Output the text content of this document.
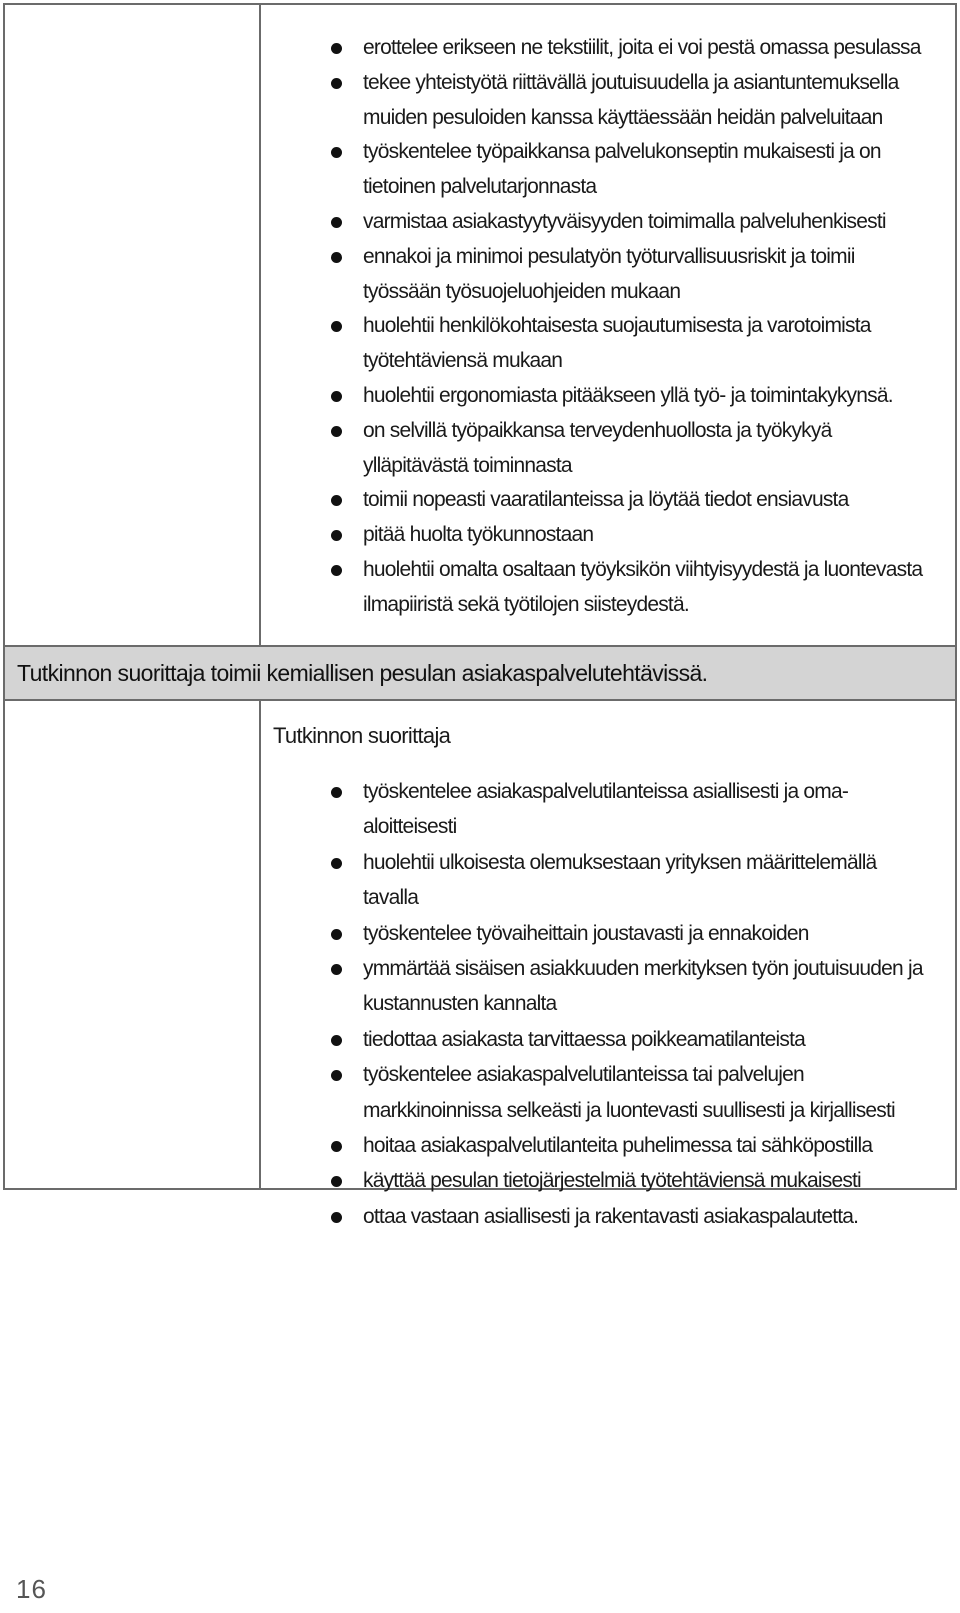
erottelee erikseen ne tekstiilit, joita ei voi pestä omassa pesulassa
tekee yhteistyötä riittävällä joutuisuudella ja asiantuntemuksella muiden pesuloiden kanssa käyttäessään heidän palveluitaan
työskentelee työpaikkansa palvelukonseptin mukaisesti ja on tietoinen palvelutarjonnasta
varmistaa asiakastyytyväisyyden toimimalla palveluhenkisesti
ennakoi ja minimoi pesulatyön työturvallisuusriskit ja toimii työssään työsuojeluohjeiden mukaan
huolehtii henkilökohtaisesta suojautumisesta ja varotoimista työtehtäviensä mukaan
huolehtii ergonomiasta pitääkseen yllä työ- ja toimintakykynsä.
on selvillä työpaikkansa terveydenhuollosta ja työkykyä ylläpitävästä toiminnasta
toimii nopeasti vaaratilanteissa ja löytää tiedot ensiavusta
pitää huolta työkunnostaan
huolehtii omalta osaltaan työyksikön viihtyisyydestä ja luontevasta ilmapiiristä sekä työtilojen siisteydestä.
Tutkinnon suorittaja toimii kemiallisen pesulan asiakaspalvelutehtävissä.

Tutkinnon suorittaja

työskentelee asiakaspalvelutilanteissa asiallisesti ja oma-aloitteisesti
huolehtii ulkoisesta olemuksestaan yrityksen määrittelemällä tavalla
työskentelee työvaiheittain joustavasti ja ennakoiden
ymmärtää sisäisen asiakkuuden merkityksen työn joutuisuuden ja kustannusten kannalta
tiedottaa asiakasta tarvittaessa poikkeamatilanteista
työskentelee asiakaspalvelutilanteissa tai palvelujen markkinoinnissa selkeästi ja luontevasti suullisesti ja kirjallisesti
hoitaa asiakaspalvelutilanteita puhelimessa tai sähköpostilla
käyttää pesulan tietojärjestelmiä työtehtäviensä mukaisesti
ottaa vastaan asiallisesti ja rakentavasti asiakaspalautetta.
16
